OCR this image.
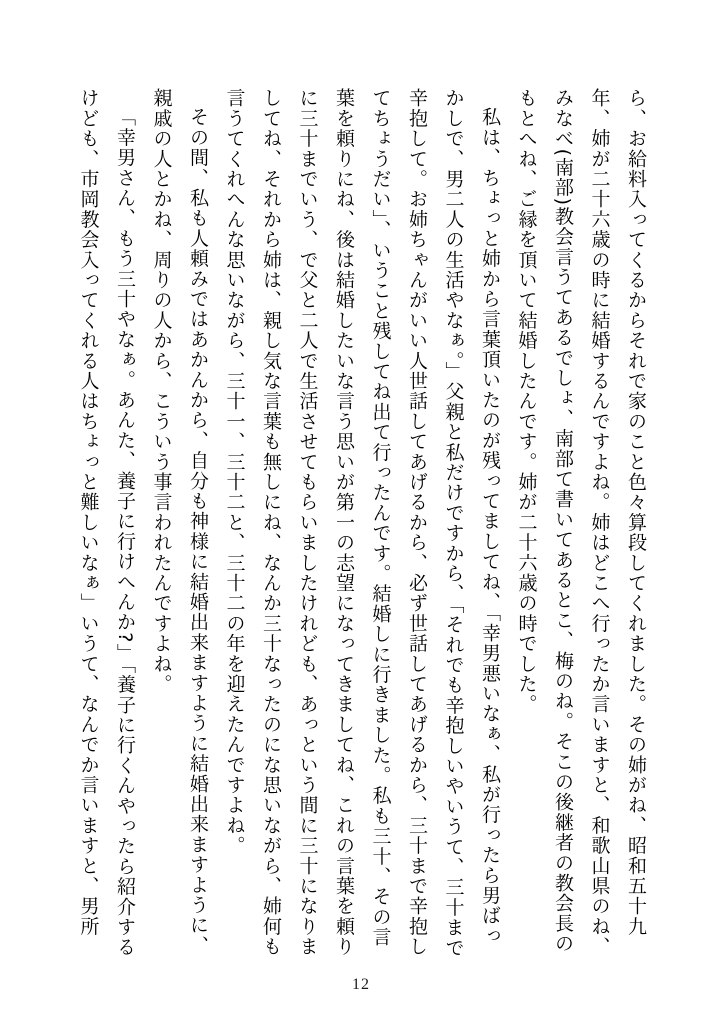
ら、お給料入ってくるからそれで家のこと色々算段してくれました。その姉がね、昭和五十九年、姉が二十六歳の時に結婚するんですよね。姉はどこへ行ったか言いますと、和歌山県のね、みなべ(南部)教会言うてあるでしょ、南部て書いてあるとこ、梅のね。そこの後継者の教会長のもとへね、ご縁を頂いて結婚したんです。姉が二十六歳の時でした。

私は、ちょっと姉から言葉頂いたのが残ってましてね、「幸男悪いなぁ、私が行ったら男ばっかしで、男二人の生活やなぁ。」父親と私だけですから、「それでも辛抱しいやいうて、三十まで辛抱して。お姉ちゃんがいい人世話してあげるから、必ず世話してあげるから、三十まで辛抱してちょうだい」、いうこと残してね出て行ったんです。結婚しに行きました。私も三十、その言葉を頼りにね、後は結婚したいな言う思いが第一の志望になってきましてね、これの言葉を頼りに三十までいう、で父と二人で生活させてもらいましたけれども、あっという間に三十になりましてね、それから姉は、親し気な言葉も無しにね、なんか三十なったのにな思いながら、姉何も言うてくれへんな思いながら、三十一、三十二と、三十二の年を迎えたんですよね。

その間、私も人頼みではあかんから、自分も神様に結婚出来ますように結婚出来ますように、親戚の人とかね、周りの人から、こういう事言われたんですよね。

「幸男さん、もう三十やなぁ。あんた、養子に行けへんか?」「養子に行くんやったら紹介するけども、市岡教会入ってくれる人はちょっと難しいなぁ」いうて、なんでか言いますと、男所

12
